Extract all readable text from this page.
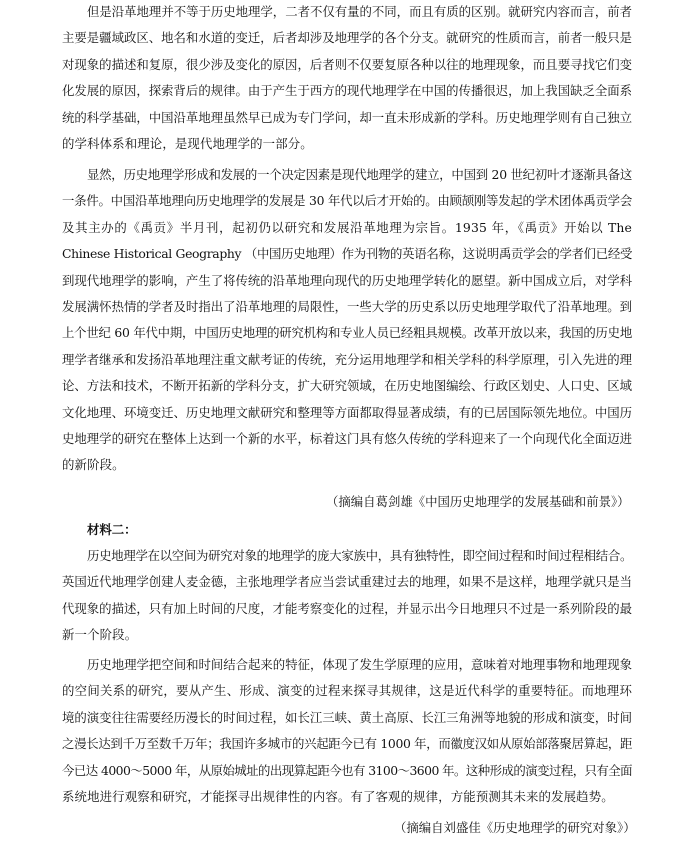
但是沿革地理并不等于历史地理学，二者不仅有量的不同，而且有质的区别。就研究内容而言，前者
主要是疆域政区、地名和水道的变迁，后者却涉及地理学的各个分支。就研究的性质而言，前者一般只是
对现象的描述和复原，很少涉及变化的原因，后者则不仅要复原各种以往的地理现象，而且要寻找它们变
化发展的原因，探索背后的规律。由于产生于西方的现代地理学在中国的传播很迟，加上我国缺乏全面系
统的科学基础，中国沿革地理虽然早已成为专门学问，却一直未形成新的学科。历史地理学则有自己独立
的学科体系和理论，是现代地理学的一部分。
显然，历史地理学形成和发展的一个决定因素是现代地理学的建立，中国到 20 世纪初叶才逐渐具备这
一条件。中国沿革地理向历史地理学的发展是 30 年代以后才开始的。由顾颉刚等发起的学术团体禹贡学会
及其主办的《禹贡》半月刊，起初仍以研究和发展沿革地理为宗旨。1935 年，《禹贡》开始以 The
Chinese Historical Geography （中国历史地理）作为刊物的英语名称，这说明禹贡学会的学者们已经受
到现代地理学的影响，产生了将传统的沿革地理向现代的历史地理学转化的愿望。新中国成立后，对学科
发展满怀热情的学者及时指出了沿革地理的局限性，一些大学的历史系以历史地理学取代了沿革地理。到
上个世纪 60 年代中期，中国历史地理的研究机构和专业人员已经粗具规模。改革开放以来，我国的历史地
理学者继承和发扬沿革地理注重文献考证的传统，充分运用地理学和相关学科的科学原理，引入先进的理
论、方法和技术，不断开拓新的学科分支，扩大研究领域，在历史地图编绘、行政区划史、人口史、区域
文化地理、环境变迁、历史地理文献研究和整理等方面都取得显著成绩，有的已居国际领先地位。中国历
史地理学的研究在整体上达到一个新的水平，标着这门具有悠久传统的学科迎来了一个向现代化全面迈进
的新阶段。
（摘编自葛剑雄《中国历史地理学的发展基础和前景》）
材料二：
历史地理学在以空间为研究对象的地理学的庞大家族中，具有独特性，即空间过程和时间过程相结合。
英国近代地理学创建人麦金德，主张地理学者应当尝试重建过去的地理，如果不是这样，地理学就只是当
代现象的描述，只有加上时间的尺度，才能考察变化的过程，并显示出今日地理只不过是一系列阶段的最
新一个阶段。
历史地理学把空间和时间结合起来的特征，体现了发生学原理的应用，意味着对地理事物和地理现象
的空间关系的研究，要从产生、形成、演变的过程来探寻其规律，这是近代科学的重要特征。而地理环
境的演变往往需要经历漫长的时间过程，如长江三峡、黄土高原、长江三角洲等地貌的形成和演变，时间
之漫长达到千万至数千万年；我国许多城市的兴起距今已有 1000 年，而徽度汉如从原始部落聚居算起，距
今已达 4000～5000 年，从原始城址的出现算起距今也有 3100～3600 年。这种形成的演变过程，只有全面
系统地进行观察和研究，才能探寻出规律性的内容。有了客观的规律，方能预测其未来的发展趋势。
（摘编自刘盛佳《历史地理学的研究对象》）
